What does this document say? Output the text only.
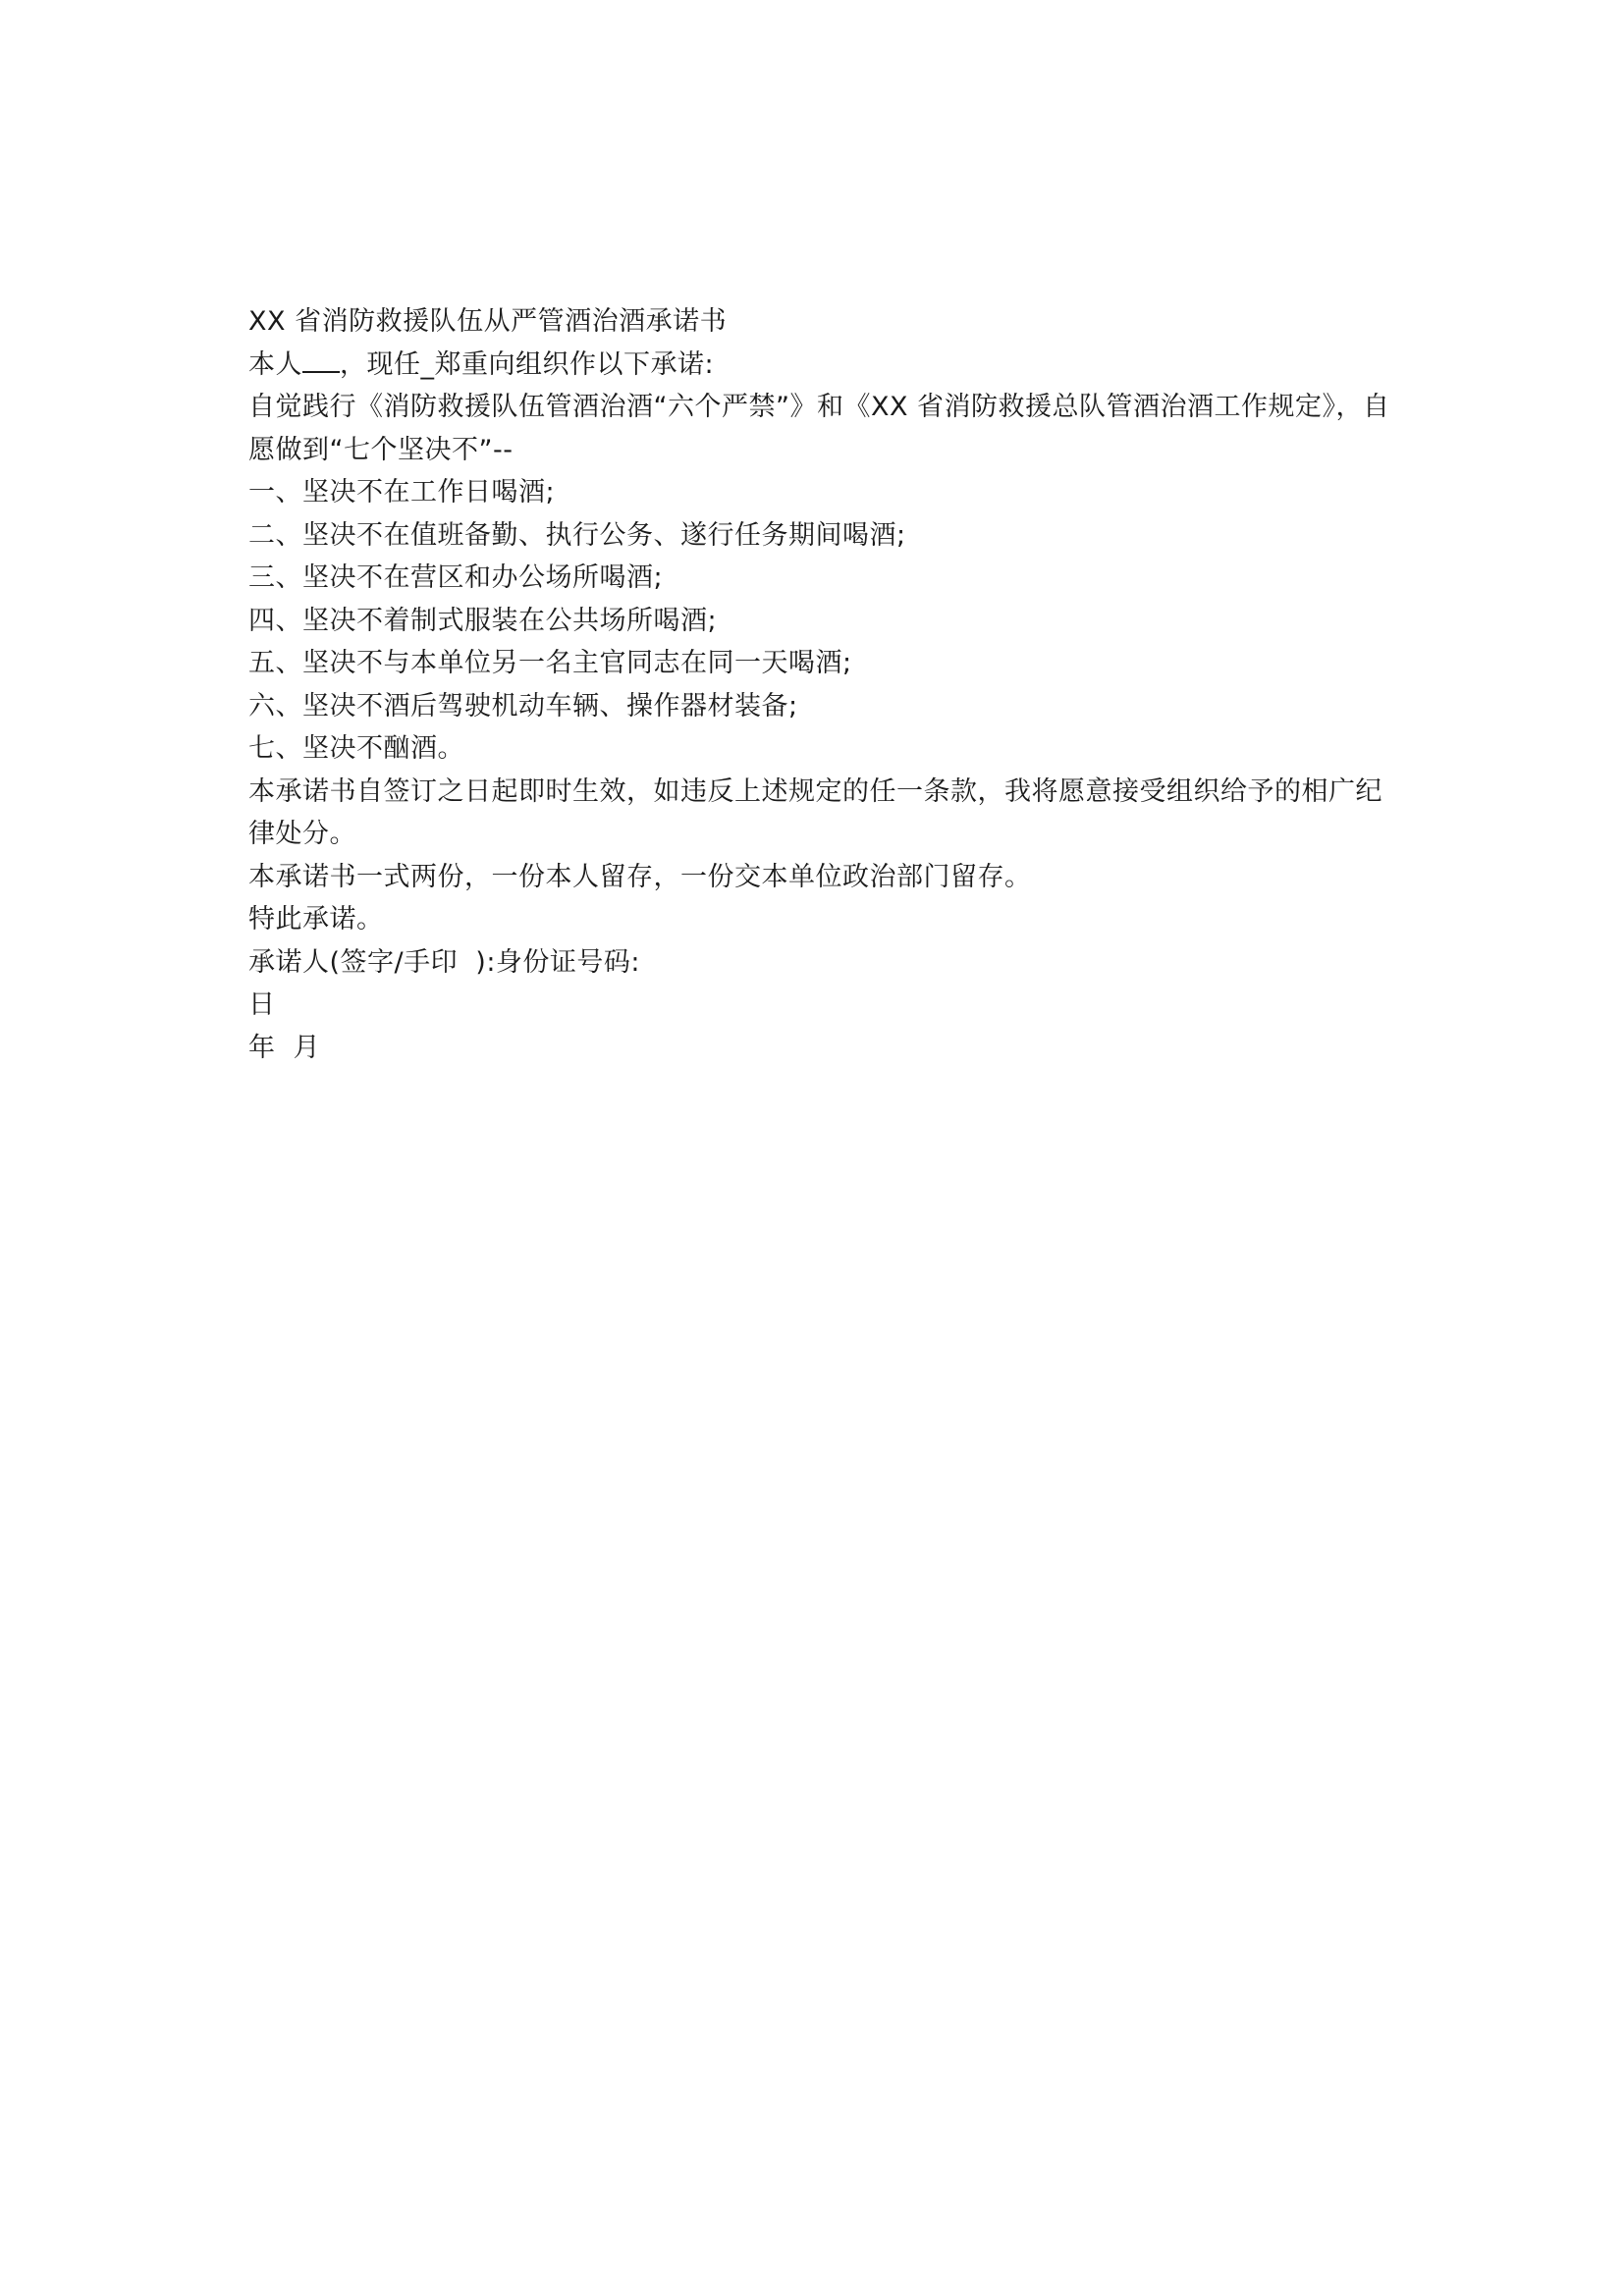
XX 省消防救援队伍从严管酒治酒承诺书
本人 ，现任_郑重向组织作以下承诺:
自觉践行《消防救援队伍管酒治酒“六个严禁”》和《XX 省消防救援总队管酒治酒工作规定》，自愿做到“七个坚决不”--
一、坚决不在工作日喝酒;
二、坚决不在值班备勤、执行公务、遂行任务期间喝酒;
三、坚决不在营区和办公场所喝酒;
四、坚决不着制式服装在公共场所喝酒;
五、坚决不与本单位另一名主官同志在同一天喝酒;
六、坚决不酒后驾驶机动车辆、操作器材装备;
七、坚决不酗酒。
本承诺书自签订之日起即时生效，如违反上述规定的任一条款，我将愿意接受组织给予的相广纪律处分。
本承诺书一式两份，一份本人留存，一份交本单位政治部门留存。
特此承诺。
承诺人(签字/手印  ):身份证号码:
日
年  月
